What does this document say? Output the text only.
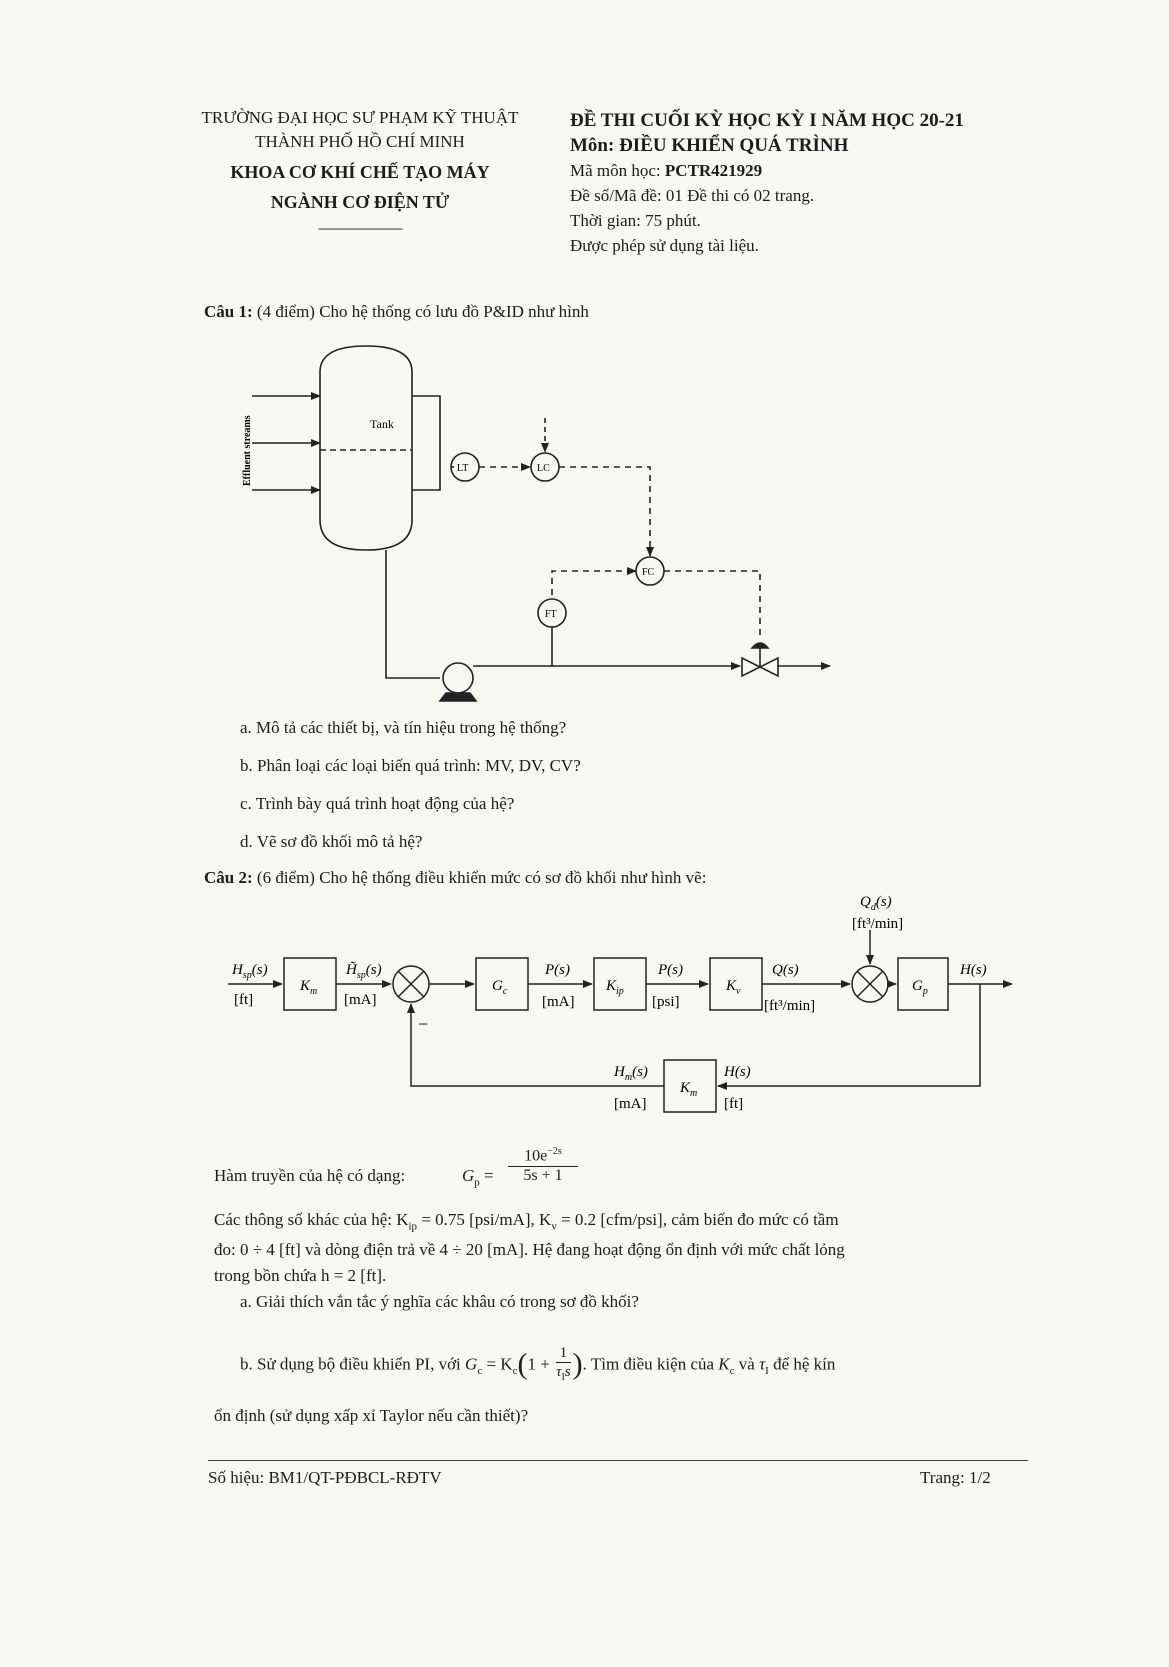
TRƯỜNG ĐẠI HỌC SƯ PHẠM KỸ THUẬT
THÀNH PHỐ HỒ CHÍ MINH
KHOA CƠ KHÍ CHẾ TẠO MÁY
NGÀNH CƠ ĐIỆN TỬ
----------------------------
ĐỀ THI CUỐI KỲ HỌC KỲ I NĂM HỌC 20-21
Môn: ĐIỀU KHIỂN QUÁ TRÌNH
Mã môn học: PCTR421929
Đề số/Mã đề: 01 Đề thi có 02 trang.
Thời gian: 75 phút.
Được phép sử dụng tài liệu.
Câu 1: (4 điểm) Cho hệ thống có lưu đồ P&ID như hình
Effluent streams	Tank
LT	LC
FC
FT
a. Mô tả các thiết bị, và tín hiệu trong hệ thống?
b. Phân loại các loại biến quá trình: MV, DV, CV?
c. Trình bày quá trình hoạt động của hệ?
d. Vẽ sơ đồ khối mô tả hệ?
Câu 2: (6 điểm) Cho hệ thống điều khiển mức có sơ đồ khối như hình vẽ:
$K_m$	$G_c$	$K_{ip}$	$K_v$	$G_p$
$K_m$
$H_{sp}(s)$
[ft]
$H̃_{sp}(s)$
[mA]
P(s)
[mA]
P(s)
[psi]
Q(s)
[ft³/min]
$Q_d(s)$
[ft³/min]
H(s)
$H_m(s)$
[mA]
H(s)
[ft]
−
Hàm truyền của hệ có dạng:	$G_p = \frac{10e^{-2s}}{5s + 1}$
Các thông số khác của hệ: $K_{ip} = 0.75$ [psi/mA], $K_v = 0.2$ [cfm/psi], cảm biến đo mức có tầm
đo: 0 ÷ 4 [ft] và dòng điện trả về 4 ÷ 20 [mA]. Hệ đang hoạt động ổn định với mức chất lỏng
trong bồn chứa h = 2 [ft].
a. Giải thích vắn tắc ý nghĩa các khâu có trong sơ đồ khối?
b. Sử dụng bộ điều khiển PI, với $G_c = K_c(1$ +
1
$\tau_Is$ ). Tìm điều kiện của $K_c$ và $\tau_I$ để hệ kín
ổn định (sử dụng xấp xỉ Taylor nếu cần thiết)?
Số hiệu: BM1/QT-PĐBCL-RĐTV	Trang: 1/2
